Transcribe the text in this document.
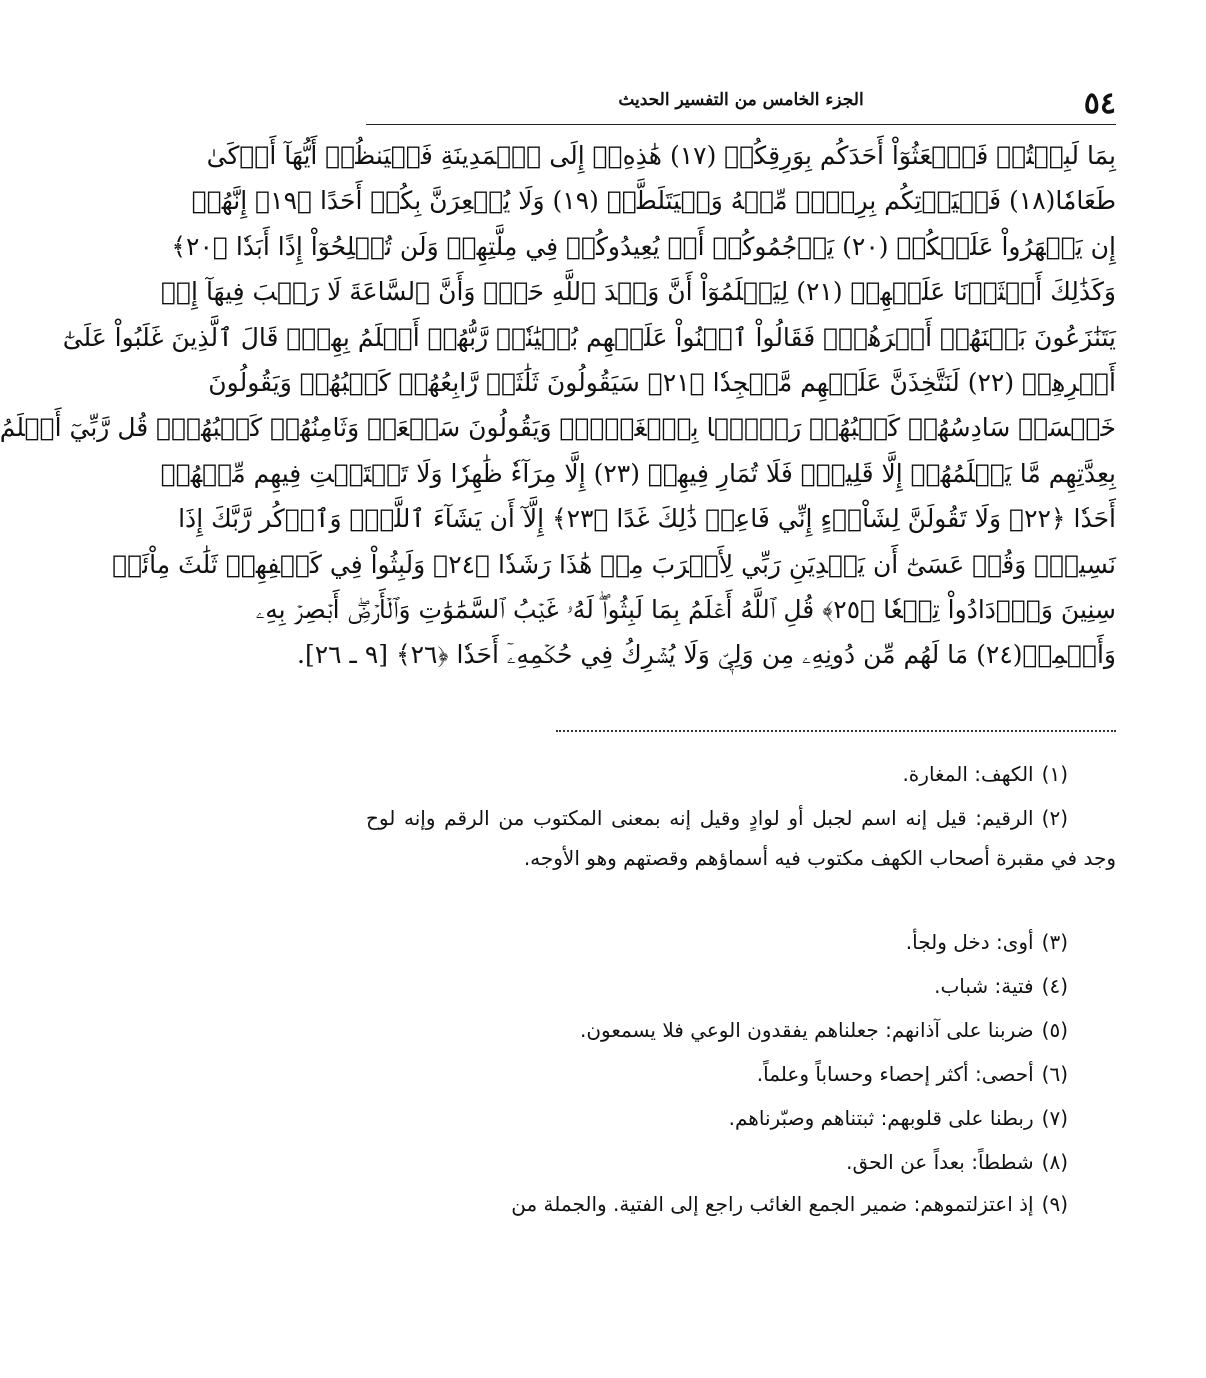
٥٤
الجزء الخامس من التفسير الحديث
بِمَا لَبِثۡتُمۡ فَٱبۡعَثُوٓاْ أَحَدَكُم بِوَرِقِكُمۡ (١٧) هَٰذِهِۦٓ إِلَى ٱلۡمَدِينَةِ فَلۡيَنظُرۡ أَيُّهَآ أَزۡكَىٰ
طَعَامٗا(١٨) فَلۡيَأۡتِكُم بِرِزۡقٖ مِّنۡهُ وَلۡيَتَلَطَّفۡ (١٩) وَلَا يُشۡعِرَنَّ بِكُمۡ أَحَدًا ﴿١٩﴾ إِنَّهُمۡ
إِن يَظۡهَرُواْ عَلَيۡكُمۡ (٢٠) يَرۡجُمُوكُمۡ أَوۡ يُعِيدُوكُمۡ فِي مِلَّتِهِمۡ وَلَن تُفۡلِحُوٓاْ إِذًا أَبَدٗا ﴿٢٠﴾
وَكَذَٰلِكَ أَعۡثَرۡنَا عَلَيۡهِمۡ (٢١) لِيَعۡلَمُوٓاْ أَنَّ وَعۡدَ ٱللَّهِ حَقّٞ وَأَنَّ ٱلسَّاعَةَ لَا رَيۡبَ فِيهَآ إِذۡ
يَتَنَٰزَعُونَ بَيۡنَهُمۡ أَمۡرَهُمۡۖ فَقَالُواْ ٱبۡنُواْ عَلَيۡهِم بُنۡيَٰنٗاۖ رَّبُّهُمۡ أَعۡلَمُ بِهِمۡۚ قَالَ ٱلَّذِينَ غَلَبُواْ عَلَىٰٓ
أَمۡرِهِمۡ (٢٢) لَنَتَّخِذَنَّ عَلَيۡهِم مَّسۡجِدٗا ﴿٢١﴾ سَيَقُولُونَ ثَلَٰثَةٞ رَّابِعُهُمۡ كَلۡبُهُمۡ وَيَقُولُونَ
خَمۡسَةٞ سَادِسُهُمۡ كَلۡبُهُمۡ رَجۡمَۢا بِٱلۡغَيۡبِۖ وَيَقُولُونَ سَبۡعَةٞ وَثَامِنُهُمۡ كَلۡبُهُمۡۚ قُل رَّبِّيٓ أَعۡلَمُ
بِعِدَّتِهِم مَّا يَعۡلَمُهُمۡ إِلَّا قَلِيلٞۗ فَلَا تُمَارِ فِيهِمۡ (٢٣) إِلَّا مِرَآءٗ ظَٰهِرٗا وَلَا تَسۡتَفۡتِ فِيهِم مِّنۡهُمۡ
أَحَدٗا ﴿٢٢﴾ وَلَا تَقُولَنَّ لِشَاْيۡءٍ إِنِّي فَاعِلٞ ذَٰلِكَ غَدًا ﴿٢٣﴾ إِلَّآ أَن يَشَآءَ ٱللَّهُۚ وَٱذۡكُر رَّبَّكَ إِذَا
نَسِيتَۚ وَقُلۡ عَسَىٰٓ أَن يَهۡدِيَنِ رَبِّي لِأَقۡرَبَ مِنۡ هَٰذَا رَشَدٗا ﴿٢٤﴾ وَلَبِثُواْ فِي كَهۡفِهِمۡ ثَلَٰثَ مِاْئَةٖ
سِنِينَ وَٱزۡدَادُواْ تِسۡعٗا ﴿٢٥﴾ قُلِ ٱللَّهُ أَعۡلَمُ بِمَا لَبِثُواْۖ لَهُۥ غَيۡبُ ٱلسَّمَٰوَٰتِ وَٱلۡأَرۡضِۖ أَبۡصِرۡ بِهِۦ
وَأَسۡمِعۡ(٢٤) مَا لَهُم مِّن دُونِهِۦ مِن وَلِيّٖ وَلَا يُشۡرِكُ فِي حُكۡمِهِۦٓ أَحَدٗا ﴿٢٦﴾ [٩ ـ ٢٦].
(١)الكهف: المغارة.
(٢)الرقيم: قيل إنه اسم لجبل أو لوادٍ وقيل إنه بمعنى المكتوب من الرقم وإنه لوح وجد في مقبرة أصحاب الكهف مكتوب فيه أسماؤهم وقصتهم وهو الأوجه.
(٣)أوى: دخل ولجأ.
(٤)فتية: شباب.
(٥)ضربنا على آذانهم: جعلناهم يفقدون الوعي فلا يسمعون.
(٦)أحصى: أكثر إحصاء وحساباً وعلماً.
(٧)ربطنا على قلوبهم: ثبتناهم وصبّرناهم.
(٨)شططاً: بعداً عن الحق.
(٩)إذ اعتزلتموهم: ضمير الجمع الغائب راجع إلى الفتية. والجملة من
